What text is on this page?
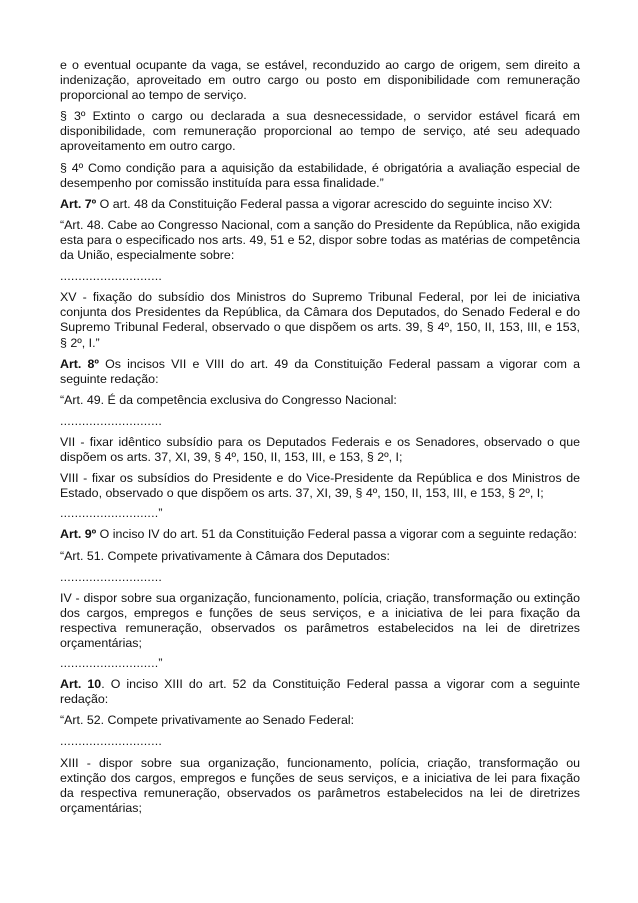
e o eventual ocupante da vaga, se estável, reconduzido ao cargo de origem, sem direito a indenização, aproveitado em outro cargo ou posto em disponibilidade com remuneração proporcional ao tempo de serviço.

§ 3º Extinto o cargo ou declarada a sua desnecessidade, o servidor estável ficará em disponibilidade, com remuneração proporcional ao tempo de serviço, até seu adequado aproveitamento em outro cargo.

§ 4º Como condição para a aquisição da estabilidade, é obrigatória a avaliação especial de desempenho por comissão instituída para essa finalidade.”

Art. 7º O art. 48 da Constituição Federal passa a vigorar acrescido do seguinte inciso XV:

“Art. 48. Cabe ao Congresso Nacional, com a sanção do Presidente da República, não exigida esta para o especificado nos arts. 49, 51 e 52, dispor sobre todas as matérias de competência da União, especialmente sobre:

............................

XV - fixação do subsídio dos Ministros do Supremo Tribunal Federal, por lei de iniciativa conjunta dos Presidentes da República, da Câmara dos Deputados, do Senado Federal e do Supremo Tribunal Federal, observado o que dispõem os arts. 39, § 4º, 150, II, 153, III, e 153, § 2º, I.”

Art. 8º Os incisos VII e VIII do art. 49 da Constituição Federal passam a vigorar com a seguinte redação:

“Art. 49. É da competência exclusiva do Congresso Nacional:

............................

VII - fixar idêntico subsídio para os Deputados Federais e os Senadores, observado o que dispõem os arts. 37, XI, 39, § 4º, 150, II, 153, III, e 153, § 2º, I;

VIII - fixar os subsídios do Presidente e do Vice-Presidente da República e dos Ministros de Estado, observado o que dispõem os arts. 37, XI, 39, § 4º, 150, II, 153, III, e 153, § 2º, I;

...........................”

Art. 9º O inciso IV do art. 51 da Constituição Federal passa a vigorar com a seguinte redação:

“Art. 51. Compete privativamente à Câmara dos Deputados:

............................

IV - dispor sobre sua organização, funcionamento, polícia, criação, transformação ou extinção dos cargos, empregos e funções de seus serviços, e a iniciativa de lei para fixação da respectiva remuneração, observados os parâmetros estabelecidos na lei de diretrizes orçamentárias;

...........................”

Art. 10. O inciso XIII do art. 52 da Constituição Federal passa a vigorar com a seguinte redação:

“Art. 52. Compete privativamente ao Senado Federal:

............................

XIII - dispor sobre sua organização, funcionamento, polícia, criação, transformação ou extinção dos cargos, empregos e funções de seus serviços, e a iniciativa de lei para fixação da respectiva remuneração, observados os parâmetros estabelecidos na lei de diretrizes orçamentárias;
